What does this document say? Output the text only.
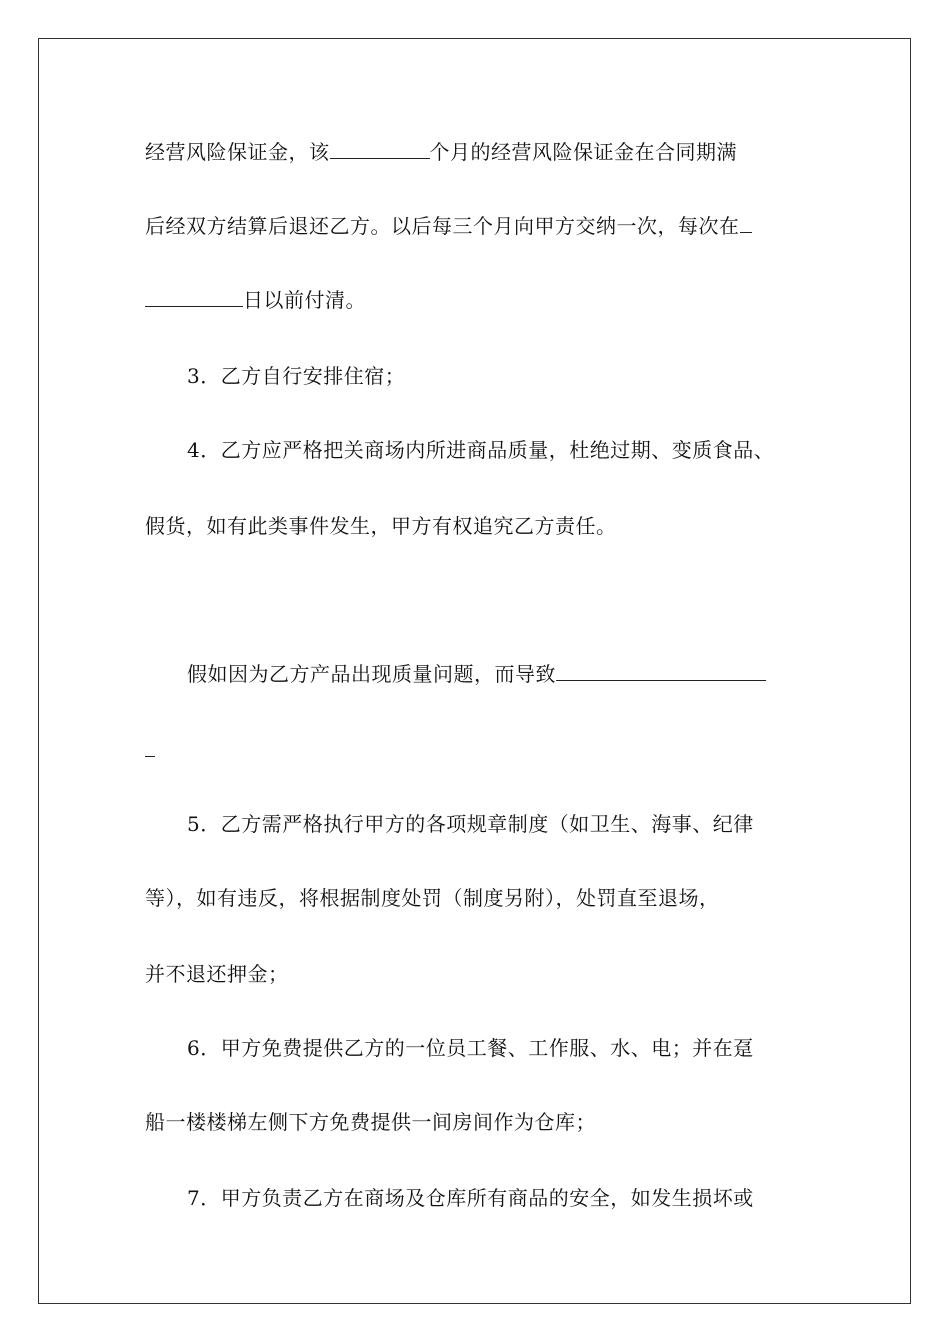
经营风险保证金，该	个月的经营风险保证金在合同期满
后经双方结算后退还乙方。以后每三个月向甲方交纳一次，每次在
日以前付清。
3．乙方自行安排住宿；
4．乙方应严格把关商场内所进商品质量，杜绝过期、变质食品、
假货，如有此类事件发生，甲方有权追究乙方责任。
假如因为乙方产品出现质量问题，而导致
5．乙方需严格执行甲方的各项规章制度（如卫生、海事、纪律
等），如有违反，将根据制度处罚（制度另附），处罚直至退场，
并不退还押金；
6．甲方免费提供乙方的一位员工餐、工作服、水、电；并在趸
船一楼楼梯左侧下方免费提供一间房间作为仓库；
7．甲方负责乙方在商场及仓库所有商品的安全，如发生损坏或
